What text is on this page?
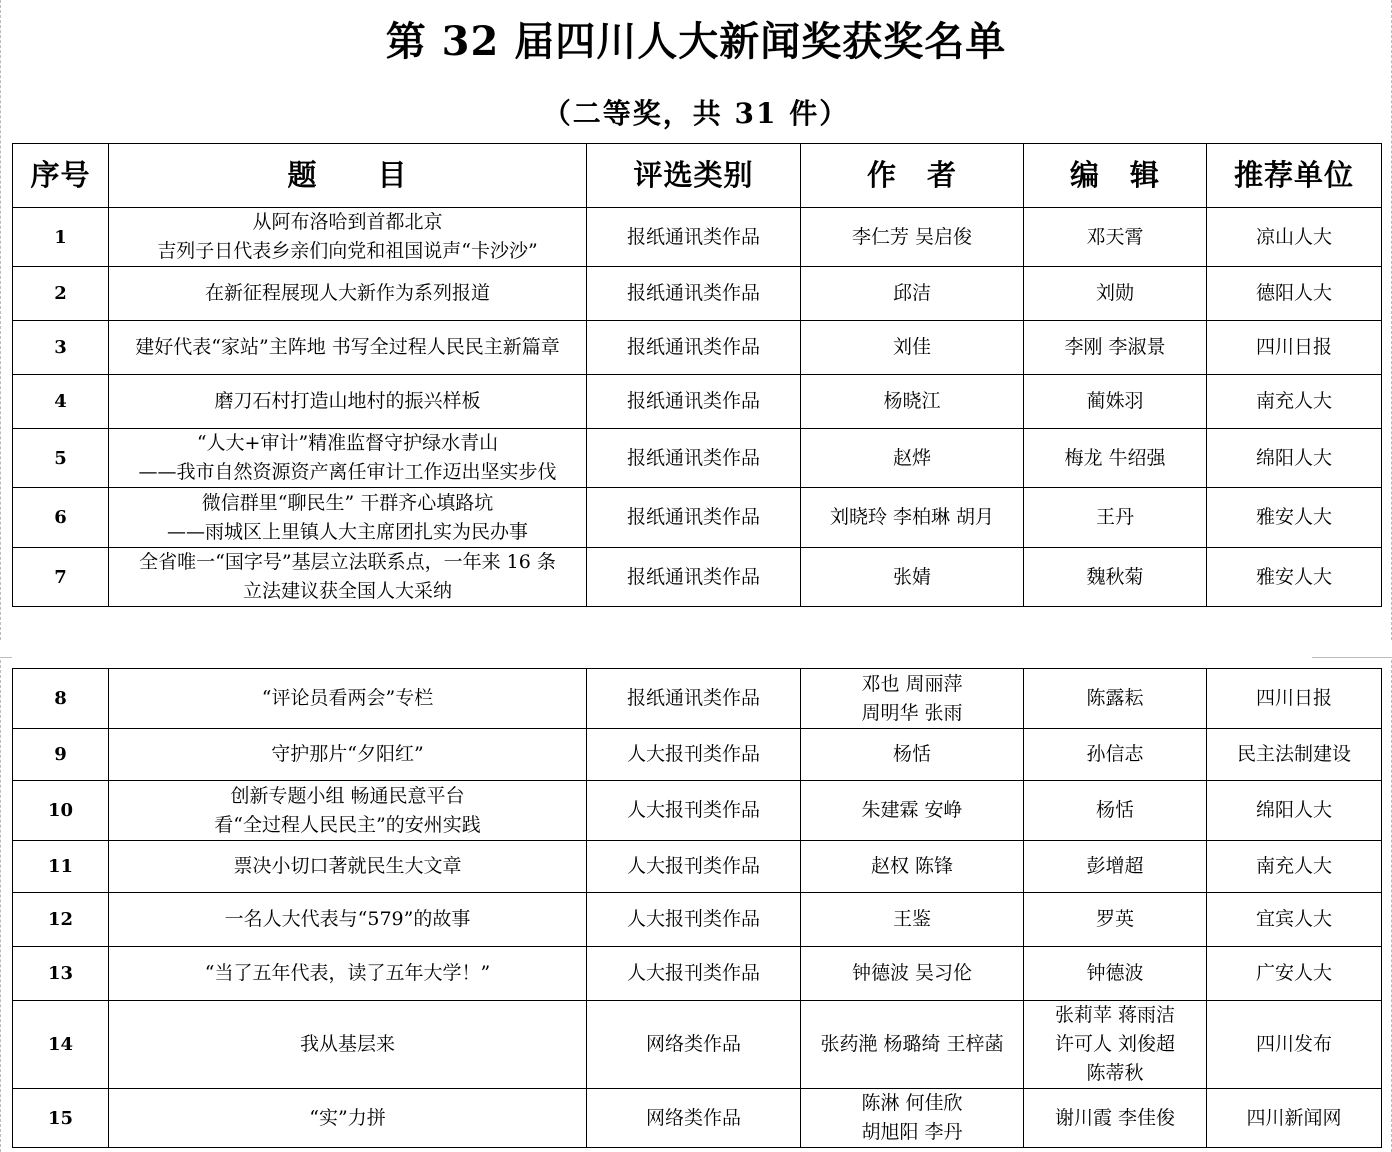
第 32 届四川人大新闻奖获奖名单
（二等奖，共 31 件）
序号	题　　目	评选类别	作　者	编　辑	推荐单位
1	从阿布洛哈到首都北京
吉列子日代表乡亲们向党和祖国说声“卡沙沙”	报纸通讯类作品	李仁芳 吴启俊	邓天霄	凉山人大
2	在新征程展现人大新作为系列报道	报纸通讯类作品	邱洁	刘勋	德阳人大
3	建好代表“家站”主阵地 书写全过程人民民主新篇章	报纸通讯类作品	刘佳	李刚 李淑景	四川日报
4	磨刀石村打造山地村的振兴样板	报纸通讯类作品	杨晓江	蔺姝羽	南充人大
5	“人大+审计”精准监督守护绿水青山
——我市自然资源资产离任审计工作迈出坚实步伐	报纸通讯类作品	赵烨	梅龙 牛绍强	绵阳人大
6	微信群里“聊民生” 干群齐心填路坑
——雨城区上里镇人大主席团扎实为民办事	报纸通讯类作品	刘晓玲 李柏琳 胡月	王丹	雅安人大
7	全省唯一“国字号”基层立法联系点，一年来 16 条
立法建议获全国人大采纳	报纸通讯类作品	张婧	魏秋菊	雅安人大
8	“评论员看两会”专栏	报纸通讯类作品	邓也 周丽萍
周明华 张雨	陈露耘	四川日报
9	守护那片“夕阳红”	人大报刊类作品	杨恬	孙信志	民主法制建设
10	创新专题小组 畅通民意平台
看“全过程人民民主”的安州实践	人大报刊类作品	朱建霖 安峥	杨恬	绵阳人大
11	票决小切口著就民生大文章	人大报刊类作品	赵权 陈锋	彭增超	南充人大
12	一名人大代表与“579”的故事	人大报刊类作品	王鉴	罗英	宜宾人大
13	“当了五年代表，读了五年大学！”	人大报刊类作品	钟德波 吴习伦	钟德波	广安人大
14	我从基层来	网络类作品	张药滟 杨璐绮 王梓菡	张莉苹 蒋雨洁
许可人 刘俊超
陈蒂秋	四川发布
15	“实”力拼	网络类作品	陈淋 何佳欣
胡旭阳 李丹	谢川霞 李佳俊	四川新闻网
